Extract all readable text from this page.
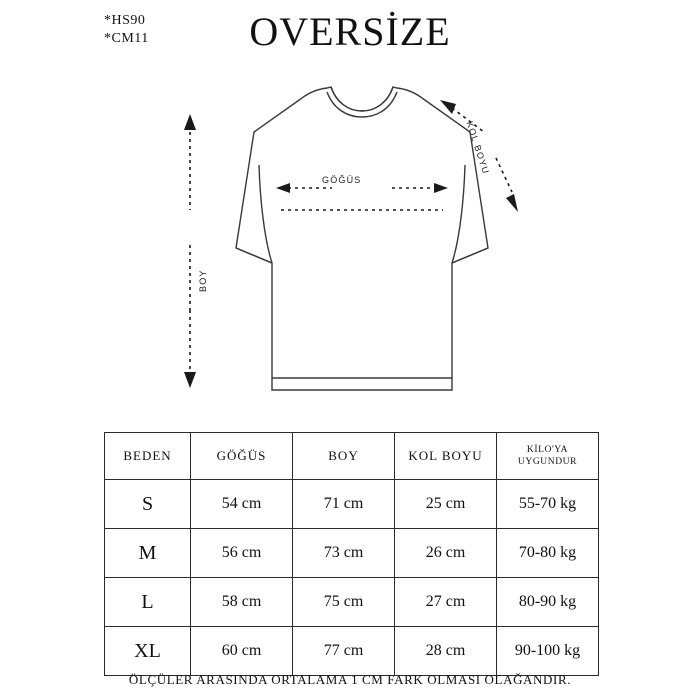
*HS90
*CM11	OVERSİZE
GÖĞÜS
BOY
KOL BOYU
BEDEN	GÖĞÜS	BOY	KOL BOYU	KİLO'YA
UYGUNDUR

S	54 cm	71 cm	25 cm	55-70 kg
M	56 cm	73 cm	26 cm	70-80 kg
L	58 cm	75 cm	27 cm	80-90 kg
XL	60 cm	77 cm	28 cm	90-100 kg
ÖLÇÜLER ARASINDA ORTALAMA 1 CM FARK OLMASI OLAĞANDIR.
